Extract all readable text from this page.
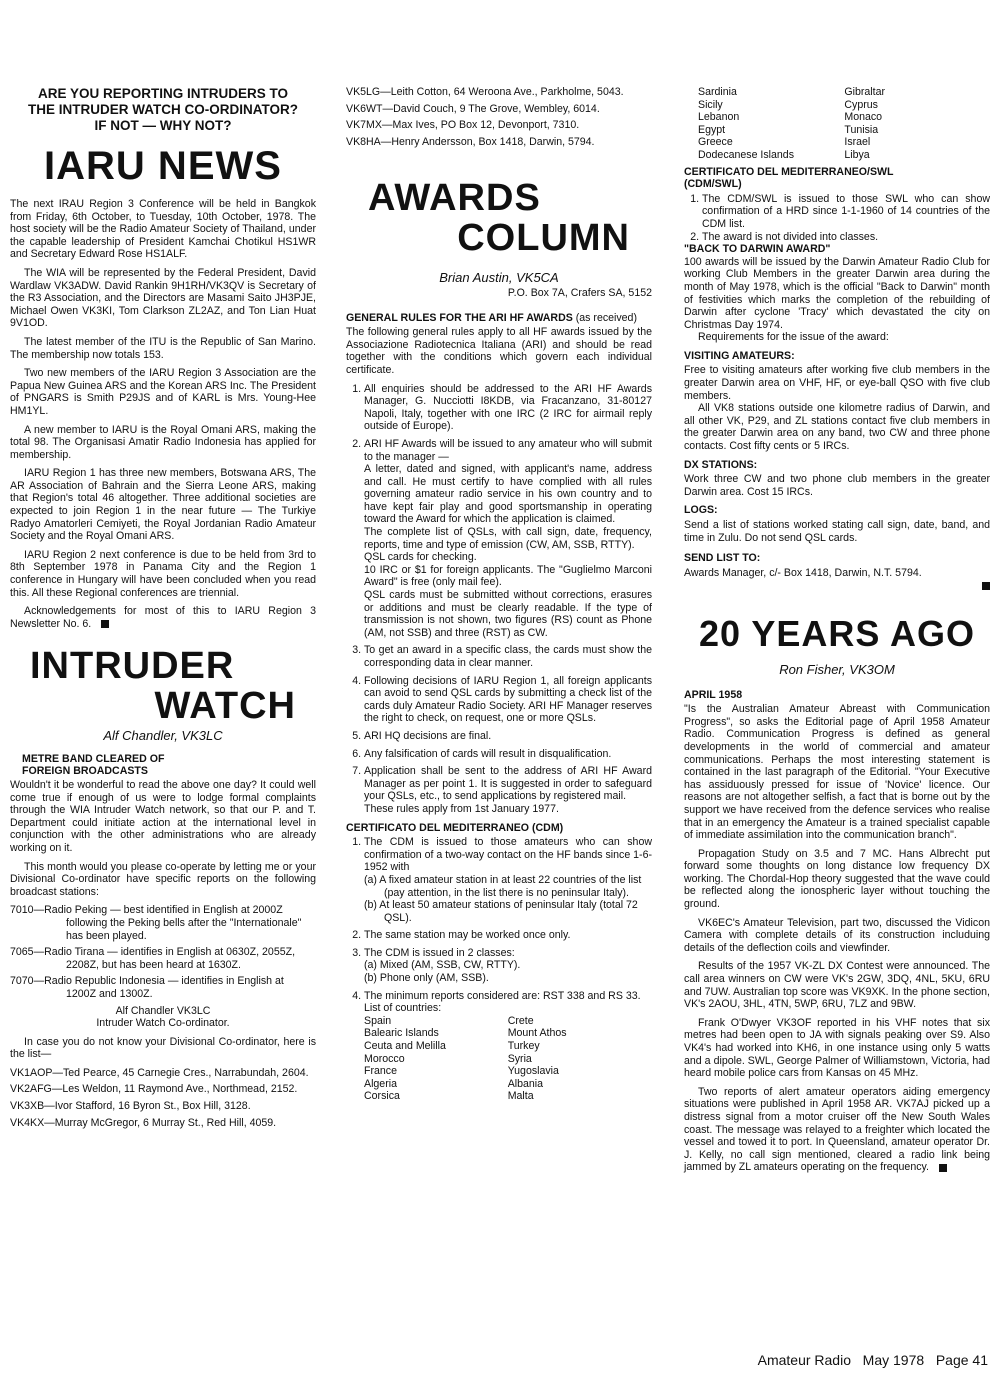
ARE YOU REPORTING INTRUDERS TO
THE INTRUDER WATCH CO-ORDINATOR?
IF NOT — WHY NOT?
IARU NEWS

The next IRAU Region 3 Conference will be held in Bangkok from Friday, 6th October, to Tuesday, 10th October, 1978. The host society will be the Radio Amateur Society of Thailand, under the capable leadership of President Kamchai Chotikul HS1WR and Secretary Edward Rose HS1ALF.

The WIA will be represented by the Federal President, David Wardlaw VK3ADW. David Rankin 9H1RH/VK3QV is Secretary of the R3 Association, and the Directors are Masami Saito JH3PJE, Michael Owen VK3KI, Tom Clarkson ZL2AZ, and Ton Lian Huat 9V1OD.

The latest member of the ITU is the Republic of San Marino. The membership now totals 153.

Two new members of the IARU Region 3 Association are the Papua New Guinea ARS and the Korean ARS Inc. The President of PNGARS is Smith P29JS and of KARL is Mrs. Young-Hee HM1YL.

A new member to IARU is the Royal Omani ARS, making the total 98. The Organisasi Amatir Radio Indonesia has applied for membership.

IARU Region 1 has three new members, Botswana ARS, The AR Association of Bahrain and the Sierra Leone ARS, making that Region's total 46 altogether. Three additional societies are expected to join Region 1 in the near future — The Turkiye Radyo Amatorleri Cemiyeti, the Royal Jordanian Radio Amateur Society and the Royal Omani ARS.

IARU Region 2 next conference is due to be held from 3rd to 8th September 1978 in Panama City and the Region 1 conference in Hungary will have been concluded when you read this. All these Regional conferences are triennial.

Acknowledgements for most of this to IARU Region 3 Newsletter No. 6.

INTRUDER
WATCH
Alf Chandler, VK3LC
METRE BAND CLEARED OF
FOREIGN BROADCASTS

Wouldn't it be wonderful to read the above one day? It could well come true if enough of us were to lodge formal complaints through the WIA Intruder Watch network, so that our P. and T. Department could initiate action at the international level in conjunction with the other administrations who are already working on it.

This month would you please co-operate by letting me or your Divisional Co-ordinator have specific reports on the following broadcast stations:

7010—Radio Peking — best identified in English at 2000Z following the Peking bells after the "Internationale" has been played.
7065—Radio Tirana — identifies in English at 0630Z, 2055Z, 2208Z, but has been heard at 1630Z.
7070—Radio Republic Indonesia — identifies in English at 1200Z and 1300Z.
Alf Chandler VK3LC
Intruder Watch Co-ordinator.

In case you do not know your Divisional Co-ordinator, here is the list—

VK1AOP—Ted Pearce, 45 Carnegie Cres., Narrabundah, 2604.
VK2AFG—Les Weldon, 11 Raymond Ave., Northmead, 2152.
VK3XB—Ivor Stafford, 16 Byron St., Box Hill, 3128.
VK4KX—Murray McGregor, 6 Murray St., Red Hill, 4059.
VK5LG—Leith Cotton, 64 Weroona Ave., Parkholme, 5043.
VK6WT—David Couch, 9 The Grove, Wembley, 6014.
VK7MX—Max Ives, PO Box 12, Devonport, 7310.
VK8HA—Henry Andersson, Box 1418, Darwin, 5794.
AWARDS
COLUMN
Brian Austin, VK5CA
P.O. Box 7A, Crafers SA, 5152
GENERAL RULES FOR THE ARI HF AWARDS (as received)

The following general rules apply to all HF awards issued by the Associazione Radiotecnica Italiana (ARI) and should be read together with the conditions which govern each individual certificate.

1. All enquiries should be addressed to the ARI HF Awards Manager, G. Nucciotti I8KDB, via Fracanzano, 31-80127 Napoli, Italy, together with one IRC (2 IRC for airmail reply outside of Europe).
2. ARI HF Awards will be issued to any amateur who will submit to the manager —
A letter, dated and signed, with applicant's name, address and call. He must certify to have complied with all rules governing amateur radio service in his own country and to have kept fair play and good sportsmanship in operating toward the Award for which the application is claimed.
The complete list of QSLs, with call sign, date, frequency, reports, time and type of emission (CW, AM, SSB, RTTY).
QSL cards for checking.
10 IRC or $1 for foreign applicants. The "Guglielmo Marconi Award" is free (only mail fee).
QSL cards must be submitted without corrections, erasures or additions and must be clearly readable. If the type of transmission is not shown, two figures (RS) count as Phone (AM, not SSB) and three (RST) as CW.
3. To get an award in a specific class, the cards must show the corresponding data in clear manner.
4. Following decisions of IARU Region 1, all foreign applicants can avoid to send QSL cards by submitting a check list of the cards duly Amateur Radio Society. ARI HF Manager reserves the right to check, on request, one or more QSLs.
5. ARI HQ decisions are final.
6. Any falsification of cards will result in disqualification.
7. Application shall be sent to the address of ARI HF Award Manager as per point 1. It is suggested in order to safeguard your QSLs, etc., to send applications by registered mail.
These rules apply from 1st January 1977.
CERTIFICATO DEL MEDITERRANEO (CDM)
1. The CDM is issued to those amateurs who can show confirmation of a two-way contact on the HF bands since 1-6-1952 with
(a) A fixed amateur station in at least 22 countries of the list (pay attention, in the list there is no peninsular Italy).
(b) At least 50 amateur stations of peninsular Italy (total 72 QSL).
2. The same station may be worked once only.
3. The CDM is issued in 2 classes:
(a) Mixed (AM, SSB, CW, RTTY).
(b) Phone only (AM, SSB).
4. The minimum reports considered are: RST 338 and RS 33.
List of countries:
Spain	Crete
Balearic Islands	Mount Athos
Ceuta and Melilla	Turkey
Morocco	Syria
France	Yugoslavia
Algeria	Albania
Corsica	Malta
Sardinia	Gibraltar
Sicily	Cyprus
Lebanon	Monaco
Egypt	Tunisia
Greece	Israel
Dodecanese Islands	Libya
CERTIFICATO DEL MEDITERRANEO/SWL
(CDM/SWL)
1. The CDM/SWL is issued to those SWL who can show confirmation of a HRD since 1-1-1960 of 14 countries of the CDM list.
2. The award is not divided into classes.
"BACK TO DARWIN AWARD"

100 awards will be issued by the Darwin Amateur Radio Club for working Club Members in the greater Darwin area during the month of May 1978, which is the official "Back to Darwin" month of festivities which marks the completion of the rebuilding of Darwin after cyclone 'Tracy' which devastated the city on Christmas Day 1974.

Requirements for the issue of the award:

VISITING AMATEURS:

Free to visiting amateurs after working five club members in the greater Darwin area on VHF, HF, or eye-ball QSO with five club members.

All VK8 stations outside one kilometre radius of Darwin, and all other VK, P29, and ZL stations contact five club members in the greater Darwin area on any band, two CW and three phone contacts. Cost fifty cents or 5 IRCs.

DX STATIONS:

Work three CW and two phone club members in the greater Darwin area. Cost 15 IRCs.

LOGS:

Send a list of stations worked stating call sign, date, band, and time in Zulu. Do not send QSL cards.

SEND LIST TO:
Awards Manager, c/- Box 1418, Darwin, N.T. 5794.
20 YEARS AGO
Ron Fisher, VK3OM
APRIL 1958

"Is the Australian Amateur Abreast with Communication Progress", so asks the Editorial page of April 1958 Amateur Radio. Communication Progress is defined as general developments in the world of commercial and amateur communications. Perhaps the most interesting statement is contained in the last paragraph of the Editorial. "Your Executive has assiduously pressed for issue of 'Novice' licence. Our reasons are not altogether selfish, a fact that is borne out by the support we have received from the defence services who realise that in an emergency the Amateur is a trained specialist capable of immediate assimilation into the communication branch".

Propagation Study on 3.5 and 7 MC. Hans Albrecht put forward some thoughts on long distance low frequency DX working. The Chordal-Hop theory suggested that the wave could be reflected along the ionospheric layer without touching the ground.

VK6EC's Amateur Television, part two, discussed the Vidicon Camera with complete details of its construction includuing details of the deflection coils and viewfinder.

Results of the 1957 VK-ZL DX Contest were announced. The call area winners on CW were VK's 2GW, 3DQ, 4NL, 5KU, 6RU and 7UW. Australian top score was VK9XK. In the phone section, VK's 2AOU, 3HL, 4TN, 5WP, 6RU, 7LZ and 9BW.

Frank O'Dwyer VK3OF reported in his VHF notes that six metres had been open to JA with signals peaking over S9. Also VK4's had worked into KH6, in one instance using only 5 watts and a dipole. SWL, George Palmer of Williamstown, Victoria, had heard mobile police cars from Kansas on 45 MHz.

Two reports of alert amateur operators aiding emergency situations were published in April 1958 AR. VK7AJ picked up a distress signal from a motor cruiser off the New South Wales coast. The message was relayed to a freighter which located the vessel and towed it to port. In Queensland, amateur operator Dr. J. Kelly, no call sign mentioned, cleared a radio link being jammed by ZL amateurs operating on the frequency.

Amateur Radio May 1978 Page 41
